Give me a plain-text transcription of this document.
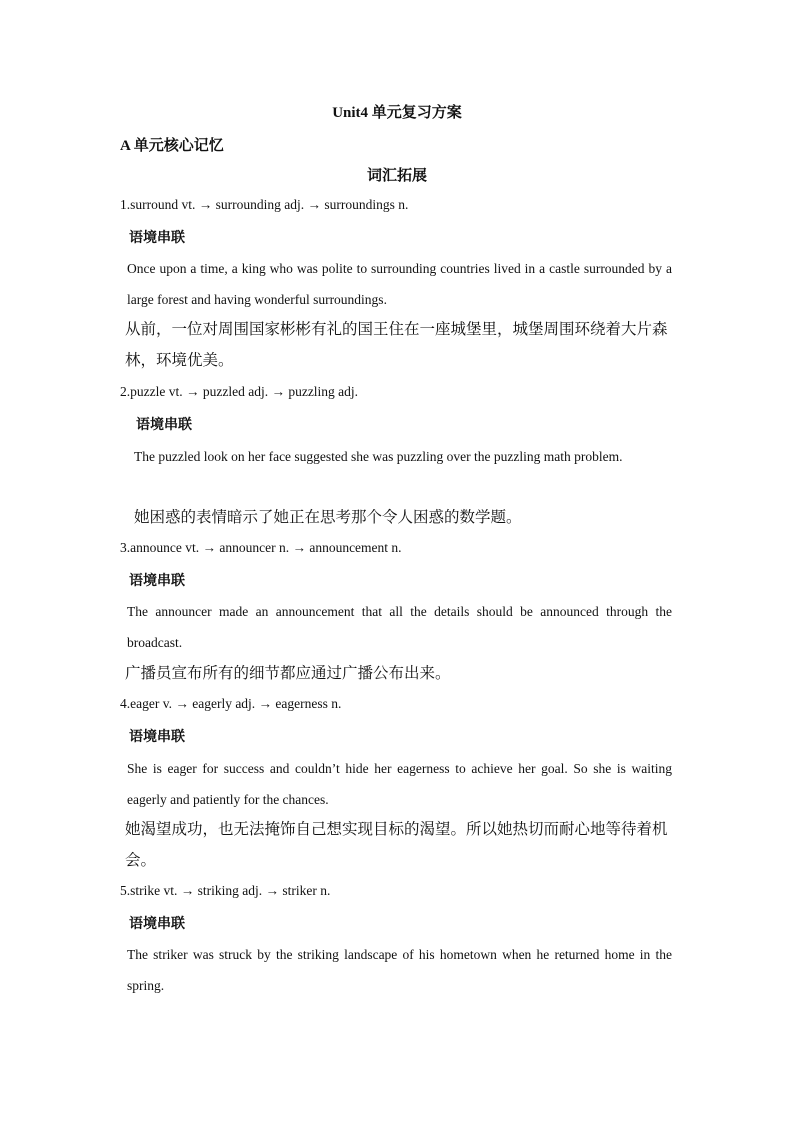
Unit4 单元复习方案
A 单元核心记忆
词汇拓展
1.surround vt. → surrounding adj. → surroundings n.
语境串联

Once upon a time, a king who was polite to surrounding countries lived in a castle surrounded by a large forest and having wonderful surroundings.

从前，一位对周围国家彬彬有礼的国王住在一座城堡里，城堡周围环绕着大片森林，环境优美。

2.puzzle vt. → puzzled adj. → puzzling adj.
语境串联

The puzzled look on her face suggested she was puzzling over the puzzling math problem.

她困惑的表情暗示了她正在思考那个令人困惑的数学题。

3.announce vt. → announcer n. → announcement n.
语境串联

The announcer made an announcement that all the details should be announced through the broadcast.

广播员宣布所有的细节都应通过广播公布出来。

4.eager v. → eagerly adj. → eagerness n.
语境串联

She is eager for success and couldn’t hide her eagerness to achieve her goal. So she is waiting eagerly and patiently for the chances.

她渴望成功，也无法掩饰自己想实现目标的渴望。所以她热切而耐心地等待着机会。

5.strike vt. → striking adj. → striker n.
语境串联

The striker was struck by the striking landscape of his hometown when he returned home in the spring.
